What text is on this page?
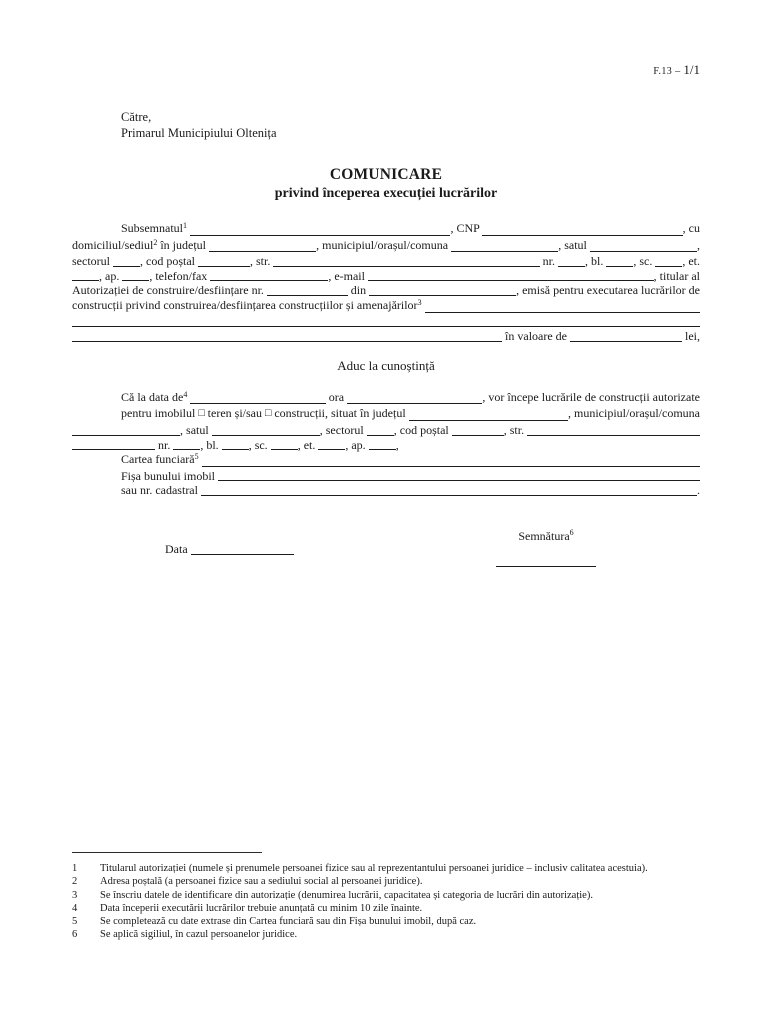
F.13 – 1/1
Către,
Primarul Municipiului Oltenița
COMUNICARE
privind începerea execuției lucrărilor
Subsemnatul 1
	, CNP	, cu
domiciliul/sediul 2 în județul	, municipiul/orașul/comuna	, satul	,
sectorul , cod poștal	, str.	nr. , bl. , sc. , et.
, ap. , telefon/fax	, e-mail	, titular al
Autorizației de construire/desființare nr.	din	, emisă pentru executarea lucrărilor de
construcții privind construirea/desființarea construcțiilor și amenajărilor 3

în valoare de	lei,
Aduc la cunoștință
Că la data de 4
	ora	, vor începe lucrările de construcții autorizate
pentru imobilul □ teren și/sau □ construcții, situat în județul	, municipiul/orașul/comuna
, satul	, sectorul , cod poștal	, str.
nr. , bl. , sc. , et. , ap. ,
Cartea funciară 5

Fișa bunului imobil
sau nr. cadastral	.
Data
Semnătura$^6$
1	Titularul autorizației (numele și prenumele persoanei fizice sau al reprezentantului persoanei juridice – inclusiv calitatea acestuia).
2	Adresa poștală (a persoanei fizice sau a sediului social al persoanei juridice).
3	Se înscriu datele de identificare din autorizație (denumirea lucrării, capacitatea și categoria de lucrări din autorizație).
4	Data începerii executării lucrărilor trebuie anunțată cu minim 10 zile înainte.
5	Se completează cu date extrase din Cartea funciară sau din Fișa bunului imobil, după caz.
6	Se aplică sigiliul, în cazul persoanelor juridice.
